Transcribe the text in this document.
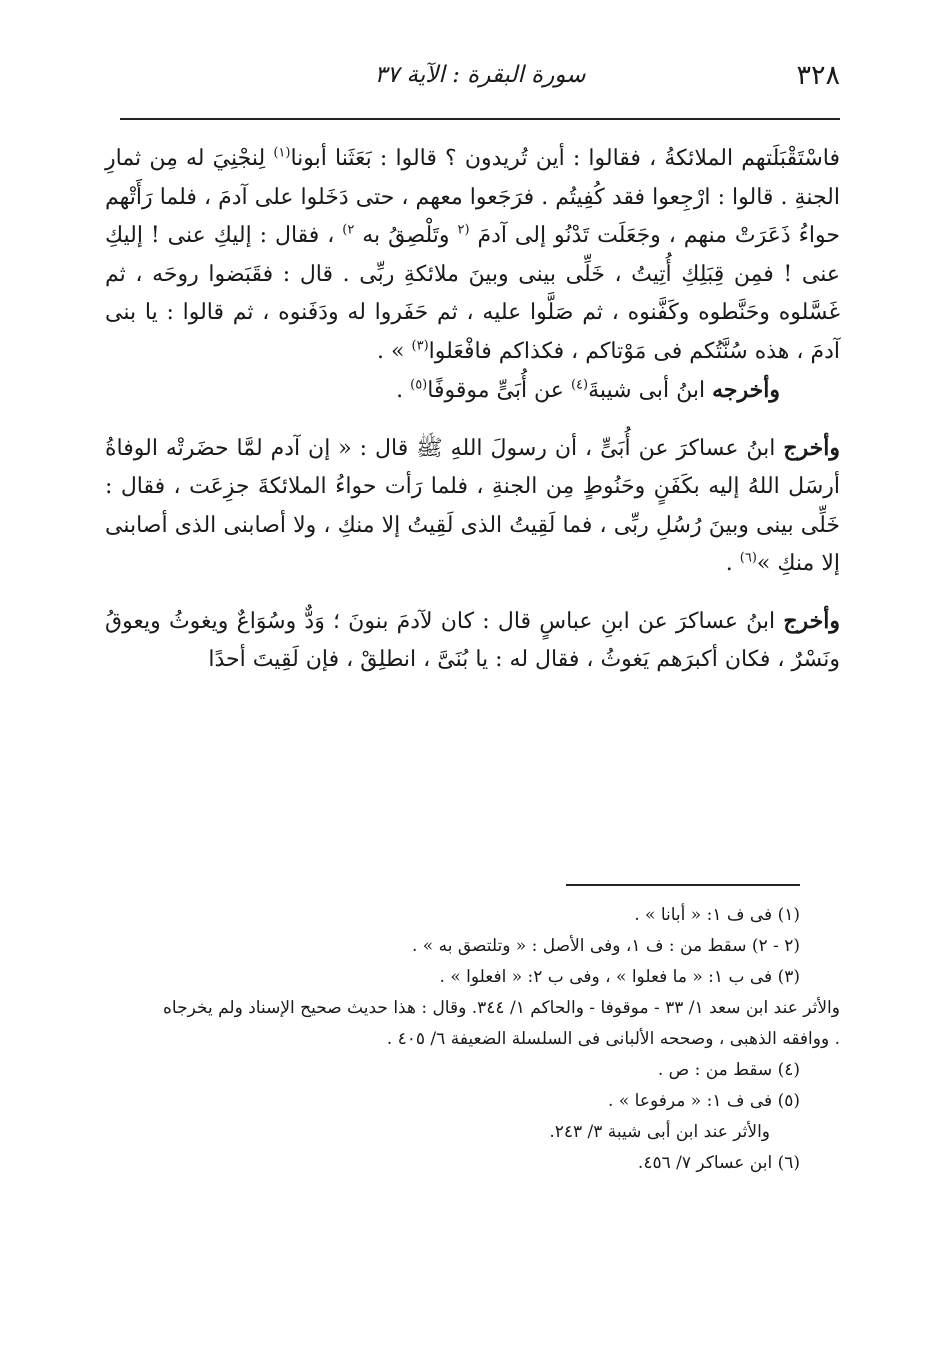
٣٢٨
سورة البقرة : الآية ٣٧

فاسْتَقْبَلَتهم الملائكةُ ، فقالوا : أين تُريدون ؟ قالوا : بَعَثَنا أبونا$^{(١)}$ لِنجْنِيَ له مِن ثمارِ الجنةِ . قالوا : ارْجِعوا فقد كُفِيتُم . فرَجَعوا معهم ، حتى دَخَلوا على آدمَ ، فلما رَأَتْهم حواءُ ذَعَرَتْ منهم ، وجَعَلَت تَدْنُو إلى آدمَ $^{(٢}$ وتَلْصِقُ به $^{٢)}$ ، فقال : إليكِ عنى ! إليكِ عنى ! فمِن قِبَلِكِ أُتِيتُ ، خَلِّى بينى وبينَ ملائكةِ ربِّى . قال : فقَبَضوا روحَه ، ثم غَسَّلوه وحَنَّطوه وكَفَّنوه ، ثم صَلَّوا عليه ، ثم حَفَروا له ودَفَنوه ، ثم قالوا : يا بنى آدمَ ، هذه سُنَّتُكم فى مَوْتاكم ، فكذاكم فافْعَلوا$^{(٣)}$ » .

وأخرجه ابنُ أبى شيبةَ$^{(٤)}$ عن أُبَىٍّ موقوفًا$^{(٥)}$ .

وأخرج ابنُ عساكرَ عن أُبَىٍّ ، أن رسولَ اللهِ ﷺ قال : « إن آدم لمَّا حضَرتْه الوفاةُ أرسَل اللهُ إليه بكَفَنٍ وحَنُوطٍ مِن الجنةِ ، فلما رَأت حواءُ الملائكةَ جزِعَت ، فقال : خَلِّى بينى وبينَ رُسُلِ ربِّى ، فما لَقِيتُ الذى لَقِيتُ إلا منكِ ، ولا أصابنى الذى أصابنى إلا منكِ »$^{(٦)}$ .

وأخرج ابنُ عساكرَ عن ابنِ عباسٍ قال : كان لآدمَ بنونَ ؛ وَدٌّ وسُوَاعٌ ويغوثُ ويعوقُ ونَسْرٌ ، فكان أكبرَهم يَغوثُ ، فقال له : يا بُنَىَّ ، انطلِقْ ، فإن لَقِيتَ أحدًا

(١) فى ف ١: « أبانا » .

(٢ - ٢) سقط من : ف ١، وفى الأصل : « وتلتصق به » .

(٣) فى ب ١: « ما فعلوا » ، وفى ب ٢: « افعلوا » .

والأثر عند ابن سعد ١/ ٣٣ - موقوفا - والحاكم ١/ ٣٤٤. وقال : هذا حديث صحيح الإسناد ولم يخرجاه . ووافقه الذهبى ، وصححه الألبانى فى السلسلة الضعيفة ٦/ ٤٠٥ .

(٤) سقط من : ص .

(٥) فى ف ١: « مرفوعا » .

والأثر عند ابن أبى شيبة ٣/ ٢٤٣.

(٦) ابن عساكر ٧/ ٤٥٦.
